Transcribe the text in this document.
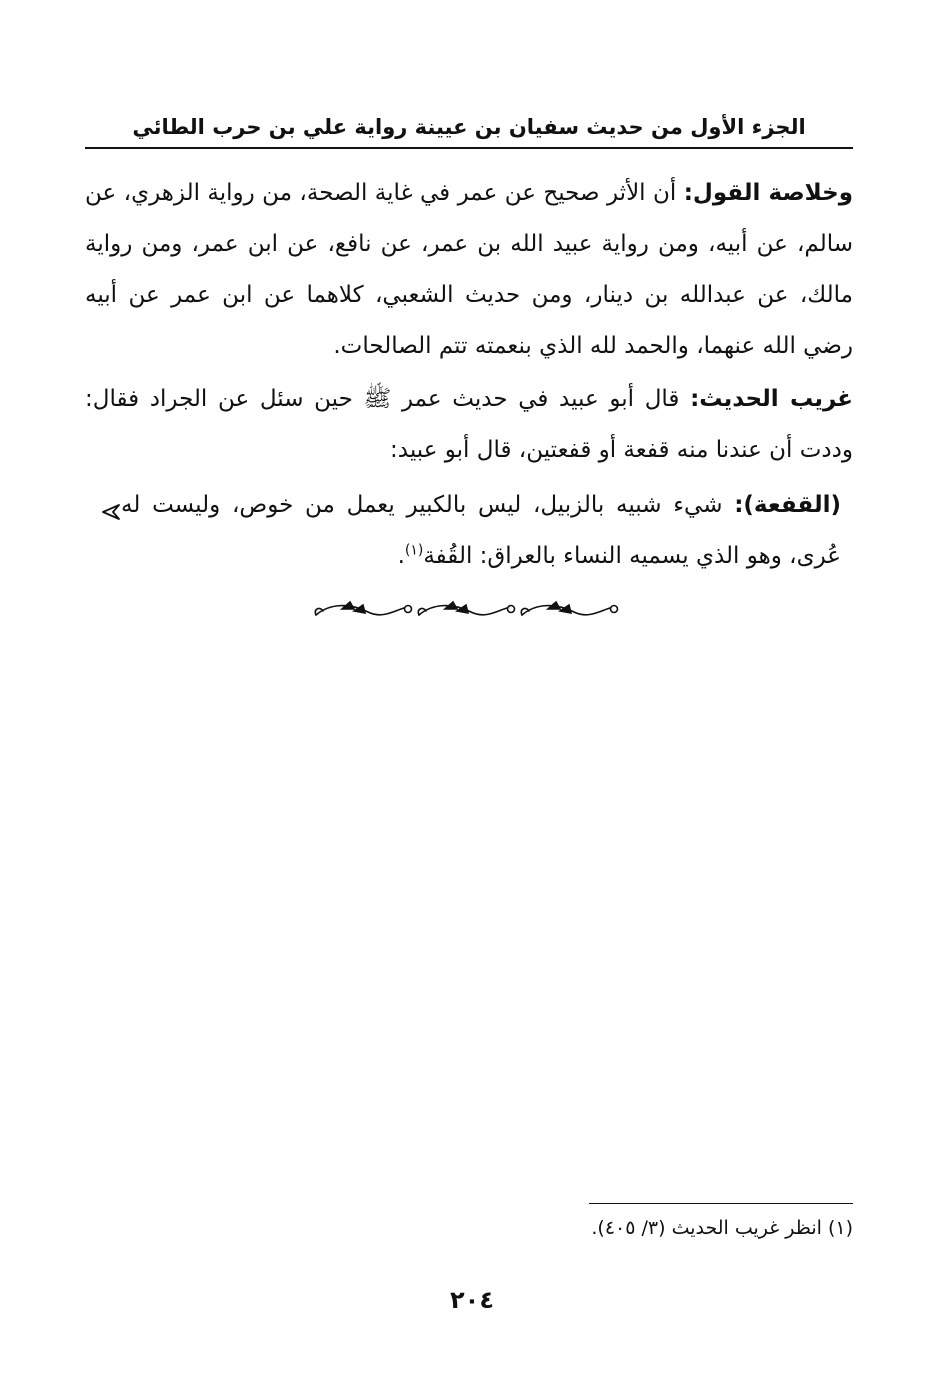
الجزء الأول من حديث سفيان بن عيينة رواية علي بن حرب الطائي
وخلاصة القول: أن الأثر صحيح عن عمر في غاية الصحة، من رواية الزهري، عن سالم، عن أبيه، ومن رواية عبيد الله بن عمر، عن نافع، عن ابن عمر، ومن رواية مالك، عن عبدالله بن دينار، ومن حديث الشعبي، كلاهما عن ابن عمر عن أبيه رضي الله عنهما، والحمد لله الذي بنعمته تتم الصالحات.
غريب الحديث: قال أبو عبيد في حديث عمر ﷺ حين سئل عن الجراد فقال: وددت أن عندنا منه قفعة أو قفعتين، قال أبو عبيد:
(القفعة): شيء شبيه بالزبيل، ليس بالكبير يعمل من خوص، وليست له عُرى، وهو الذي يسميه النساء بالعراق: القُفة$^{(١)}$.
(١) انظر غريب الحديث (٣/ ٤٠٥).
٢٠٤
